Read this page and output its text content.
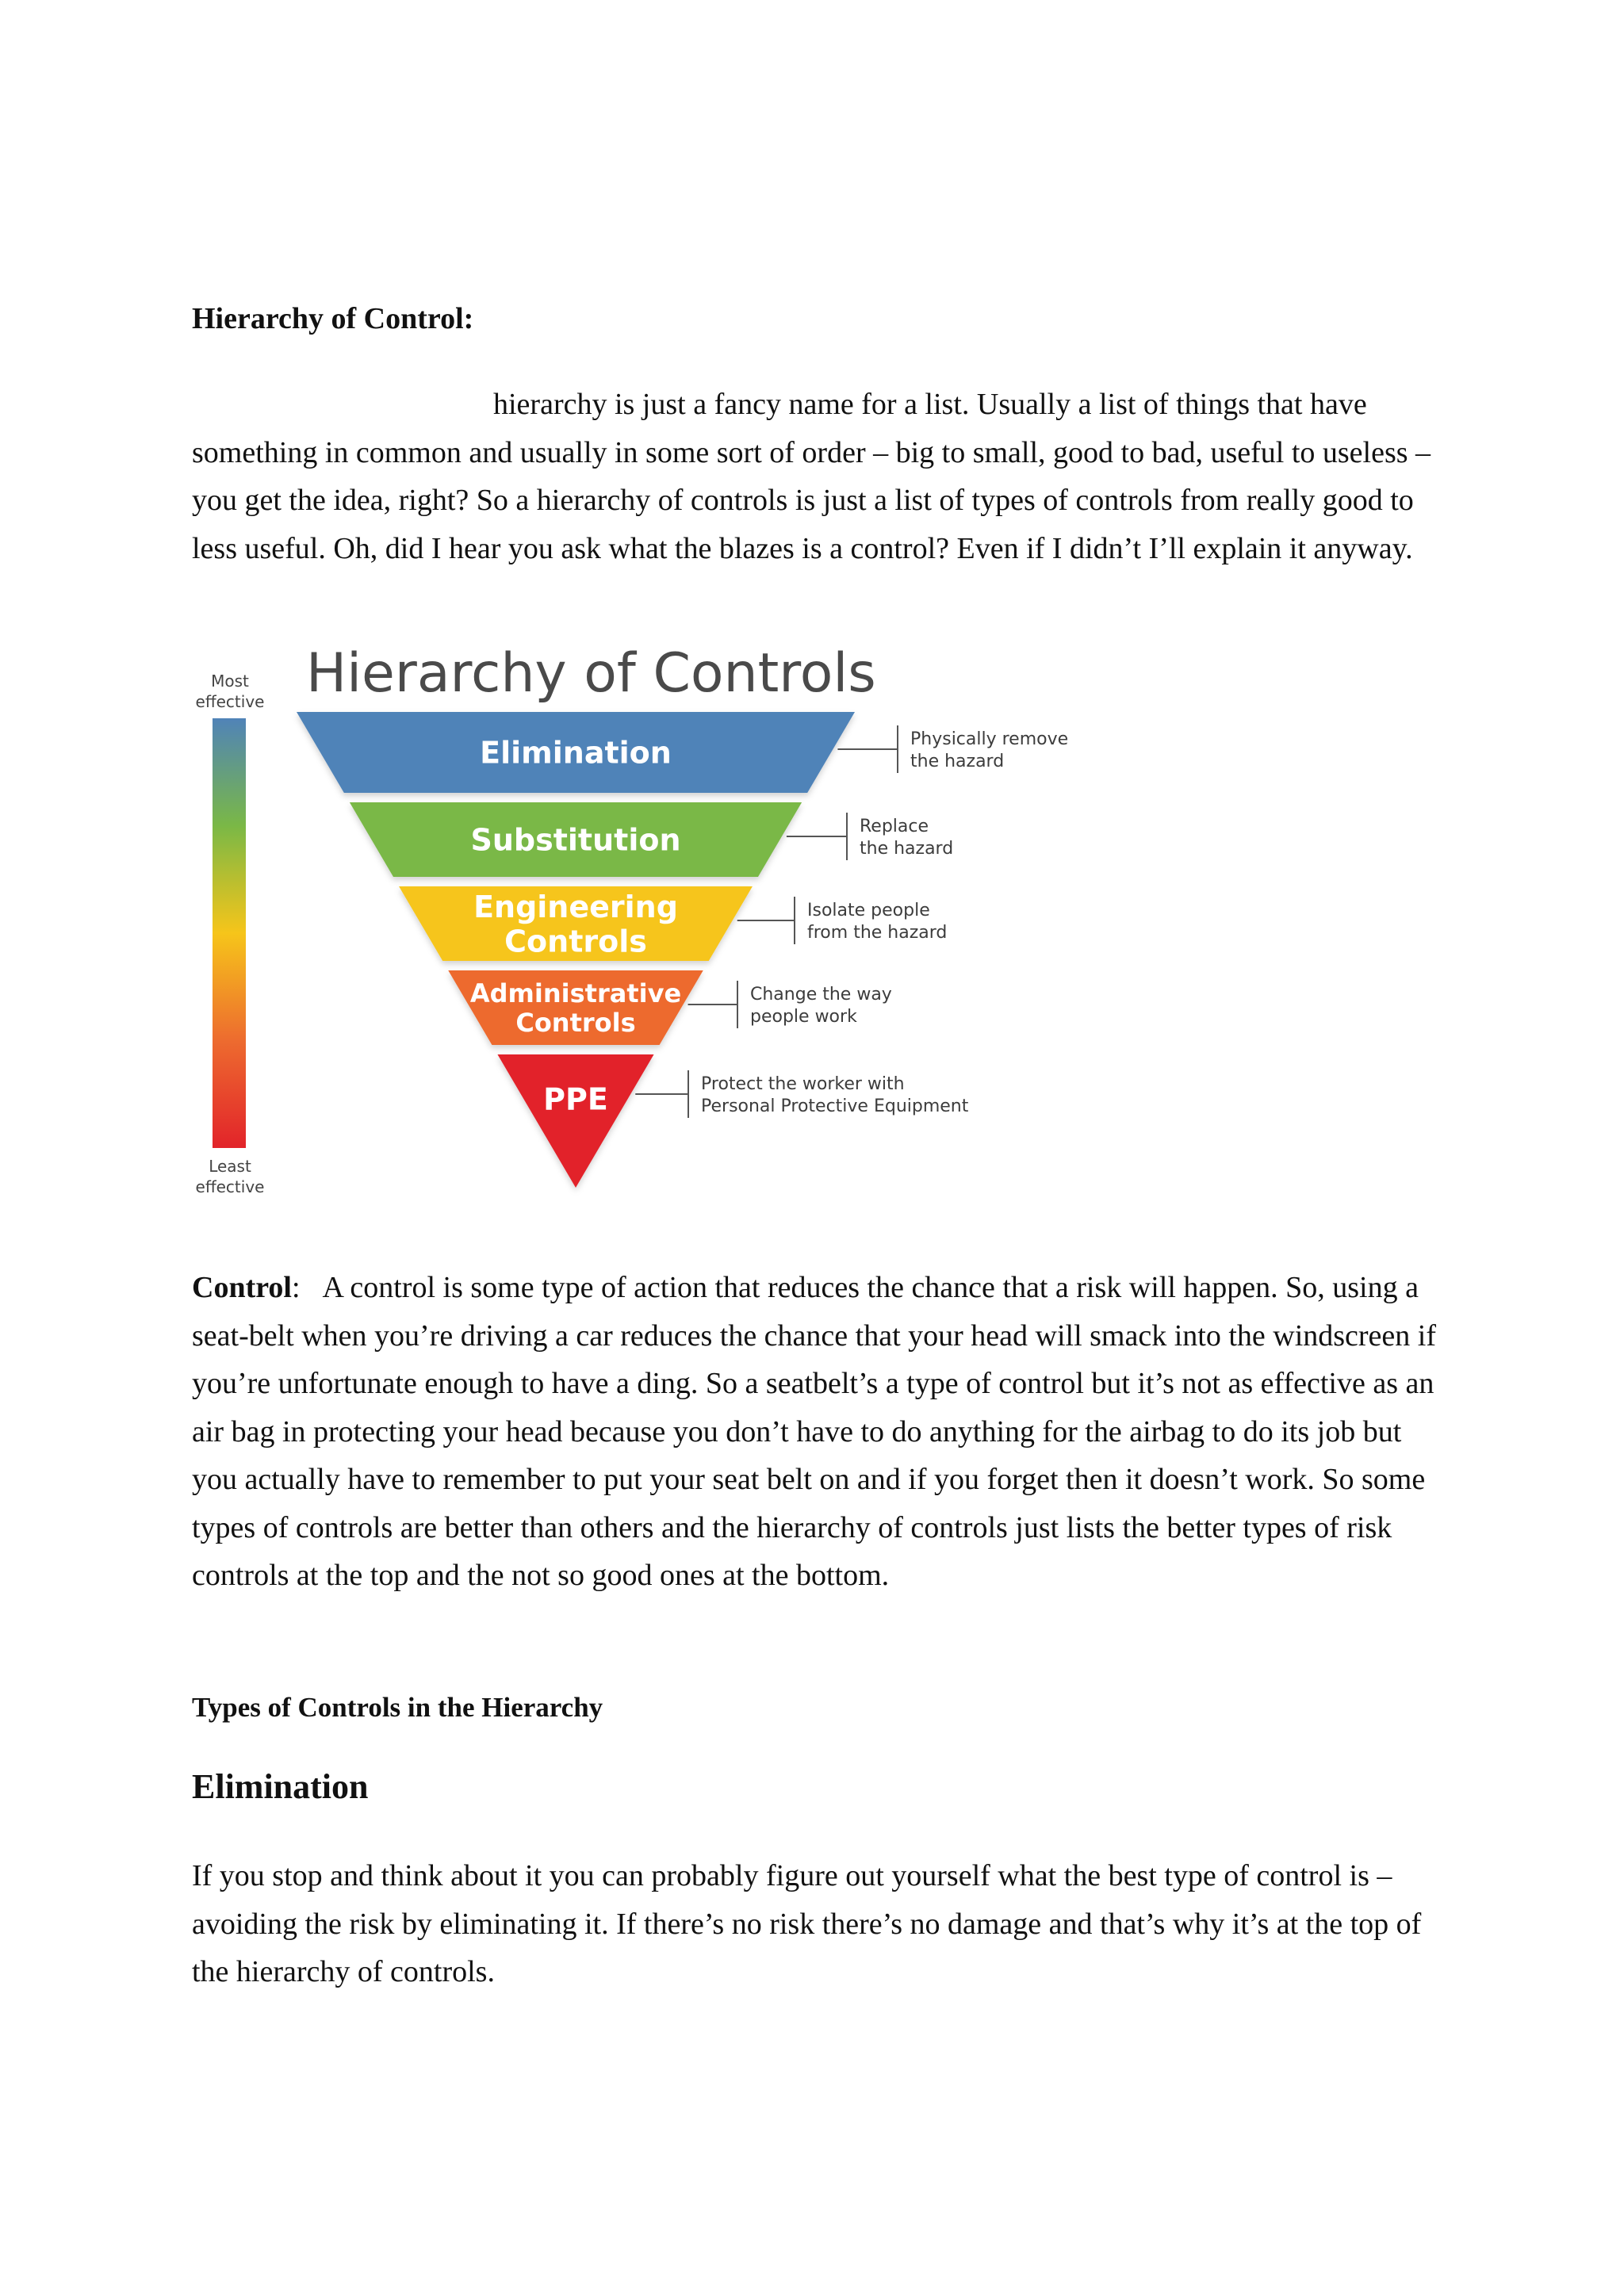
Hierarchy of Control:

hierarchy is just a fancy name for a list. Usually a list of things that have something in common and usually in some sort of order – big to small, good to bad, useful to useless – you get the idea, right? So a hierarchy of controls is just a list of types of controls from really good to less useful. Oh, did I hear you ask what the blazes is a control? Even if I didn’t I’ll explain it anyway.

Hierarchy of Controls
Most
effective
Least
effective
Elimination	Physically remove
the hazard
Substitution	Replace
the hazard
Engineering
Controls
Isolate people
from the hazard
Administrative
Controls
Change the way
people work
PPE	Protect the worker with
Personal Protective Equipment

Control: A control is some type of action that reduces the chance that a risk will happen. So, using a seat-belt when you’re driving a car reduces the chance that your head will smack into the windscreen if you’re unfortunate enough to have a ding. So a seatbelt’s a type of control but it’s not as effective as an air bag in protecting your head because you don’t have to do anything for the airbag to do its job but you actually have to remember to put your seat belt on and if you forget then it doesn’t work. So some types of controls are better than others and the hierarchy of controls just lists the better types of risk controls at the top and the not so good ones at the bottom.

Types of Controls in the Hierarchy
Elimination

If you stop and think about it you can probably figure out yourself what the best type of control is – avoiding the risk by eliminating it. If there’s no risk there’s no damage and that’s why it’s at the top of the hierarchy of controls.
